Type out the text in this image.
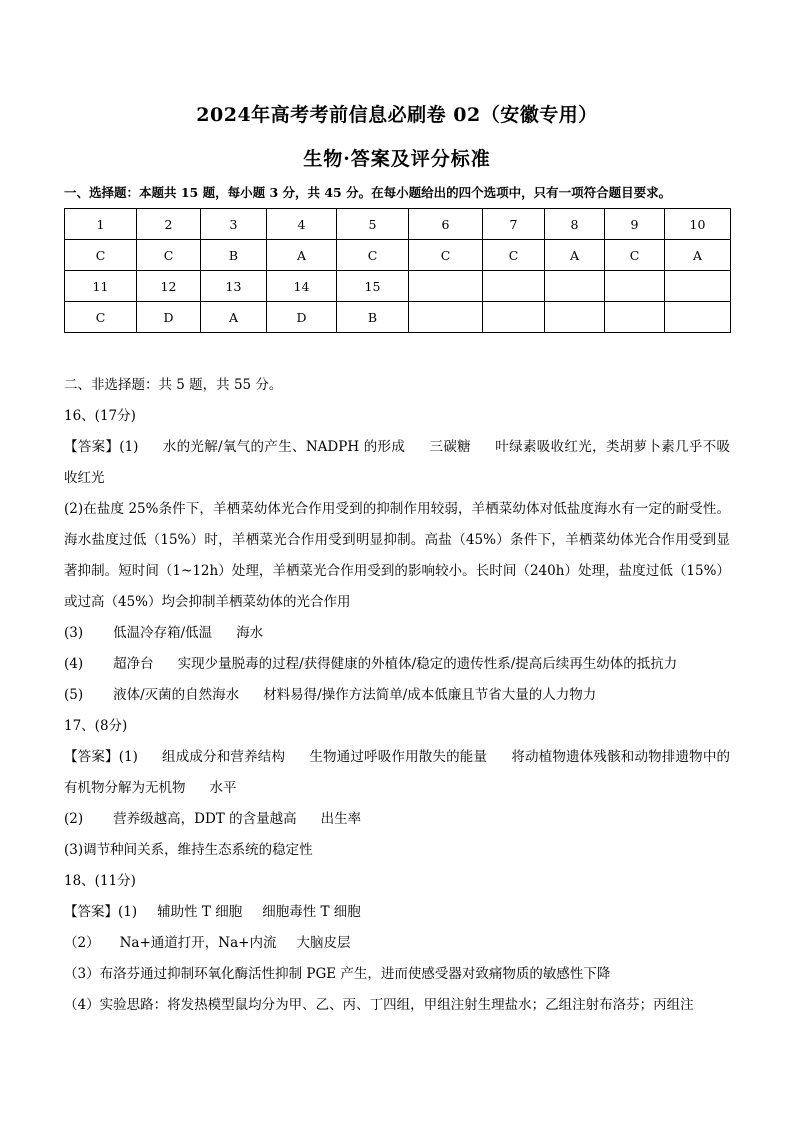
2024年高考考前信息必刷卷 02（安徽专用）
生物·答案及评分标准
一、选择题：本题共 15 题，每小题 3 分，共 45 分。在每小题给出的四个选项中，只有一项符合题目要求。
1	2	3	4	5	6	7	8	9	10
C	C	B	A	C	C	C	A	C	A
11	12	13	14	15					
C	D	A	D	B					

二、非选择题：共 5 题，共 55 分。

16、(17分)

【答案】(1) 水的光解/氧气的产生、NADPH 的形成 三碳糖 叶绿素吸收红光，类胡萝卜素几乎不吸收红光

(2)在盐度 25%条件下，羊栖菜幼体光合作用受到的抑制作用较弱，羊栖菜幼体对低盐度海水有一定的耐受性。海水盐度过低（15%）时，羊栖菜光合作用受到明显抑制。高盐（45%）条件下，羊栖菜幼体光合作用受到显著抑制。短时间（1~12h）处理，羊栖菜光合作用受到的影响较小。长时间（240h）处理，盐度过低（15%）或过高（45%）均会抑制羊栖菜幼体的光合作用

(3) 低温冷存箱/低温 海水

(4) 超净台 实现少量脱毒的过程/获得健康的外植体/稳定的遗传性系/提高后续再生幼体的抵抗力

(5) 液体/灭菌的自然海水 材料易得/操作方法简单/成本低廉且节省大量的人力物力

17、(8分)

【答案】(1) 组成成分和营养结构 生物通过呼吸作用散失的能量 将动植物遗体残骸和动物排遗物中的有机物分解为无机物 水平

(2) 营养级越高，DDT 的含量越高 出生率

(3)调节种间关系，维持生态系统的稳定性

18、(11分)

【答案】(1) 辅助性 T 细胞 细胞毒性 T 细胞

（2） Na+通道打开，Na+内流 大脑皮层

（3）布洛芬通过抑制环氧化酶活性抑制 PGE 产生，进而使感受器对致痛物质的敏感性下降

（4）实验思路：将发热模型鼠均分为甲、乙、丙、丁四组，甲组注射生理盐水；乙组注射布洛芬；丙组注
